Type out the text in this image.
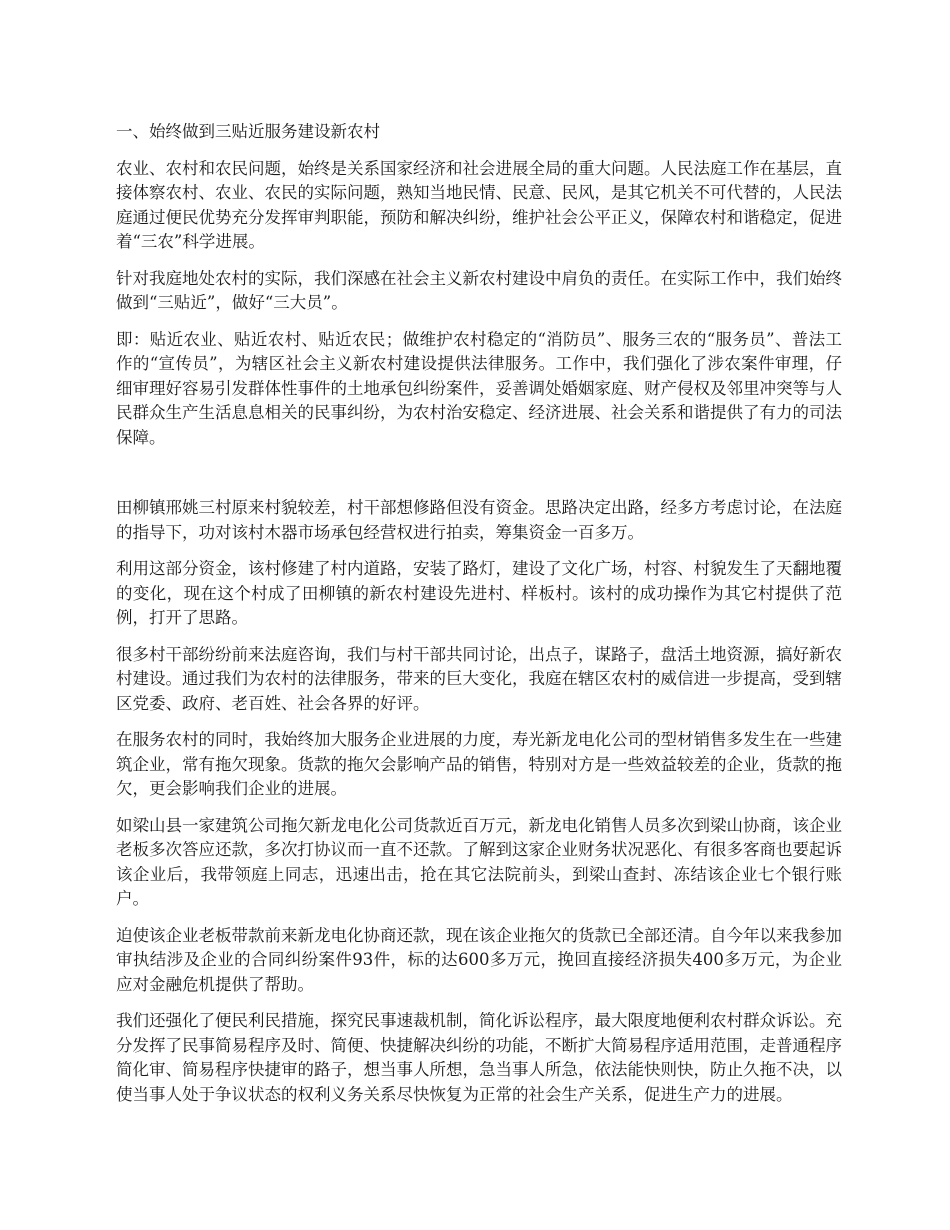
一、始终做到三贴近服务建设新农村

农业、农村和农民问题，始终是关系国家经济和社会进展全局的重大问题。人民法庭工作在基层，直接体察农村、农业、农民的实际问题，熟知当地民情、民意、民风，是其它机关不可代替的，人民法庭通过便民优势充分发挥审判职能，预防和解决纠纷，维护社会公平正义，保障农村和谐稳定，促进着“三农”科学进展。

针对我庭地处农村的实际，我们深感在社会主义新农村建设中肩负的责任。在实际工作中，我们始终做到“三贴近”，做好“三大员”。

即：贴近农业、贴近农村、贴近农民；做维护农村稳定的“消防员”、服务三农的“服务员”、普法工作的“宣传员”，为辖区社会主义新农村建设提供法律服务。工作中，我们强化了涉农案件审理，仔细审理好容易引发群体性事件的土地承包纠纷案件，妥善调处婚姻家庭、财产侵权及邻里冲突等与人民群众生产生活息息相关的民事纠纷，为农村治安稳定、经济进展、社会关系和谐提供了有力的司法保障。

田柳镇邢姚三村原来村貌较差，村干部想修路但没有资金。思路决定出路，经多方考虑讨论，在法庭的指导下，功对该村木器市场承包经营权进行拍卖，筹集资金一百多万。

利用这部分资金，该村修建了村内道路，安装了路灯，建设了文化广场，村容、村貌发生了天翻地覆的变化，现在这个村成了田柳镇的新农村建设先进村、样板村。该村的成功操作为其它村提供了范例，打开了思路。

很多村干部纷纷前来法庭咨询，我们与村干部共同讨论，出点子，谋路子，盘活土地资源，搞好新农村建设。通过我们为农村的法律服务，带来的巨大变化，我庭在辖区农村的威信进一步提高，受到辖区党委、政府、老百姓、社会各界的好评。

在服务农村的同时，我始终加大服务企业进展的力度，寿光新龙电化公司的型材销售多发生在一些建筑企业，常有拖欠现象。货款的拖欠会影响产品的销售，特别对方是一些效益较差的企业，货款的拖欠，更会影响我们企业的进展。

如梁山县一家建筑公司拖欠新龙电化公司货款近百万元，新龙电化销售人员多次到梁山协商，该企业老板多次答应还款，多次打协议而一直不还款。了解到这家企业财务状况恶化、有很多客商也要起诉该企业后，我带领庭上同志，迅速出击，抢在其它法院前头，到梁山查封、冻结该企业七个银行账户。

迫使该企业老板带款前来新龙电化协商还款，现在该企业拖欠的货款已全部还清。自今年以来我参加审执结涉及企业的合同纠纷案件93件，标的达600多万元，挽回直接经济损失400多万元，为企业应对金融危机提供了帮助。

我们还强化了便民利民措施，探究民事速裁机制，简化诉讼程序，最大限度地便利农村群众诉讼。充分发挥了民事简易程序及时、简便、快捷解决纠纷的功能，不断扩大简易程序适用范围，走普通程序简化审、简易程序快捷审的路子，想当事人所想，急当事人所急，依法能快则快，防止久拖不决，以使当事人处于争议状态的权利义务关系尽快恢复为正常的社会生产关系，促进生产力的进展。
